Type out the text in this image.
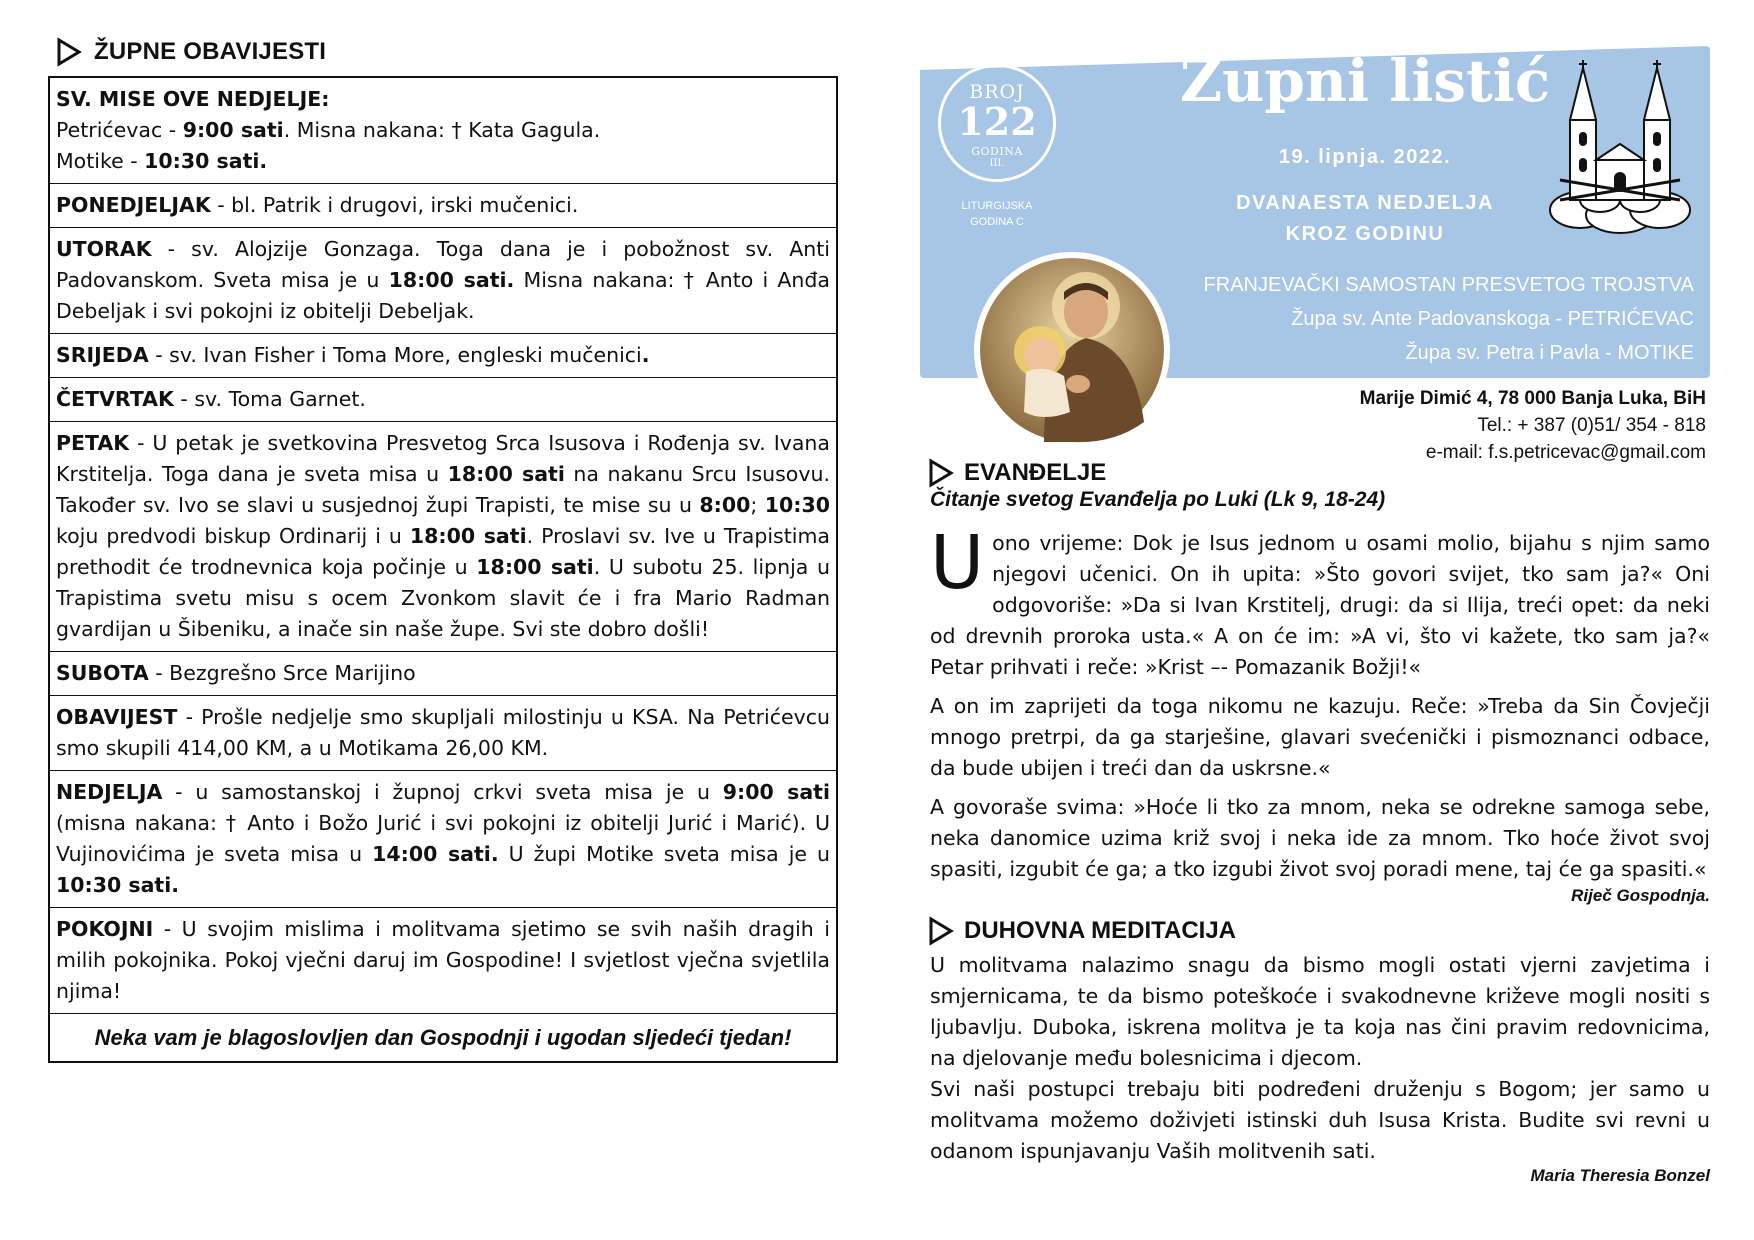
ŽUPNE OBAVIJESTI

SV. MISE OVE NEDJELJE:

Petrićevac - 9:00 sati. Misna nakana: † Kata Gagula.

Motike - 10:30 sati.

PONEDJELJAK - bl. Patrik i drugovi, irski mučenici.

UTORAK - sv. Alojzije Gonzaga. Toga dana je i pobožnost sv. Anti Padovanskom. Sveta misa je u 18:00 sati. Misna nakana: † Anto i Anđa Debeljak i svi pokojni iz obitelji Debeljak.

SRIJEDA - sv. Ivan Fisher i Toma More, engleski mučenici.

ČETVRTAK - sv. Toma Garnet.

PETAK - U petak je svetkovina Presvetog Srca Isusova i Rođenja sv. Ivana Krstitelja. Toga dana je sveta misa u 18:00 sati na nakanu Srcu Isusovu. Također sv. Ivo se slavi u susjednoj župi Trapisti, te mise su u 8:00; 10:30 koju predvodi biskup Ordinarij i u 18:00 sati. Proslavi sv. Ive u Trapistima prethodit će trodnevnica koja počinje u 18:00 sati. U subotu 25. lipnja u Trapistima svetu misu s ocem Zvonkom slavit će i fra Mario Radman gvardijan u Šibeniku, a inače sin naše župe. Svi ste dobro došli!

SUBOTA - Bezgrešno Srce Marijino

OBAVIJEST - Prošle nedjelje smo skupljali milostinju u KSA. Na Petrićevcu smo skupili 414,00 KM, a u Motikama 26,00 KM.

NEDJELJA - u samostanskoj i župnoj crkvi sveta misa je u 9:00 sati (misna nakana: † Anto i Božo Jurić i svi pokojni iz obitelji Jurić i Marić). U Vujinovićima je sveta misa u 14:00 sati. U župi Motike sveta misa je u 10:30 sati.

POKOJNI - U svojim mislima i molitvama sjetimo se svih naših dragih i milih pokojnika. Pokoj vječni daruj im Gospodine! I svjetlost vječna svjetlila njima!

Neka vam je blagoslovljen dan Gospodnji i ugodan sljedeći tjedan!
BROJ
122
GODINA
III.
LITURGIJSKA
GODINA C
Župni listić
19. lipnja. 2022.
DVANAESTA NEDJELJA
KROZ GODINU
FRANJEVAČKI SAMOSTAN PRESVETOG TROJSTVA
Župa sv. Ante Padovanskoga - PETRIĆEVAC
Župa sv. Petra i Pavla - MOTIKE
Marije Dimić 4, 78 000 Banja Luka, BiH
Tel.: + 387 (0)51/ 354 - 818
e-mail: f.s.petricevac@gmail.com
EVANĐELJE
Čitanje svetog Evanđelja po Luki (Lk 9, 18-24)

Uono vrijeme: Dok je Isus jednom u osami molio, bijahu s njim samo njegovi učenici. On ih upita: »Što govori svijet, tko sam ja?« Oni odgovoriše: »Da si Ivan Krstitelj, drugi: da si Ilija, treći opet: da neki od drevnih proroka usta.« A on će im: »A vi, što vi kažete, tko sam ja?« Petar prihvati i reče: »Krist –- Pomazanik Božji!«

A on im zaprijeti da toga nikomu ne kazuju. Reče: »Treba da Sin Čovječji mnogo pretrpi, da ga starješine, glavari svećenički i pismoznanci odbace, da bude ubijen i treći dan da uskrsne.«

A govoraše svima: »Hoće li tko za mnom, neka se odrekne samoga sebe, neka danomice uzima križ svoj i neka ide za mnom. Tko hoće život svoj spasiti, izgubit će ga; a tko izgubi život svoj poradi mene, taj će ga spasiti.«

Riječ Gospodnja.
DUHOVNA MEDITACIJA

U molitvama nalazimo snagu da bismo mogli ostati vjerni zavjetima i smjernicama, te da bismo poteškoće i svakodnevne križeve mogli nositi s ljubavlju. Duboka, iskrena molitva je ta koja nas čini pravim redovnicima, na djelovanje među bolesnicima i djecom.

Svi naši postupci trebaju biti podređeni druženju s Bogom; jer samo u molitvama možemo doživjeti istinski duh Isusa Krista. Budite svi revni u odanom ispunjavanju Vaših molitvenih sati.

Maria Theresia Bonzel
